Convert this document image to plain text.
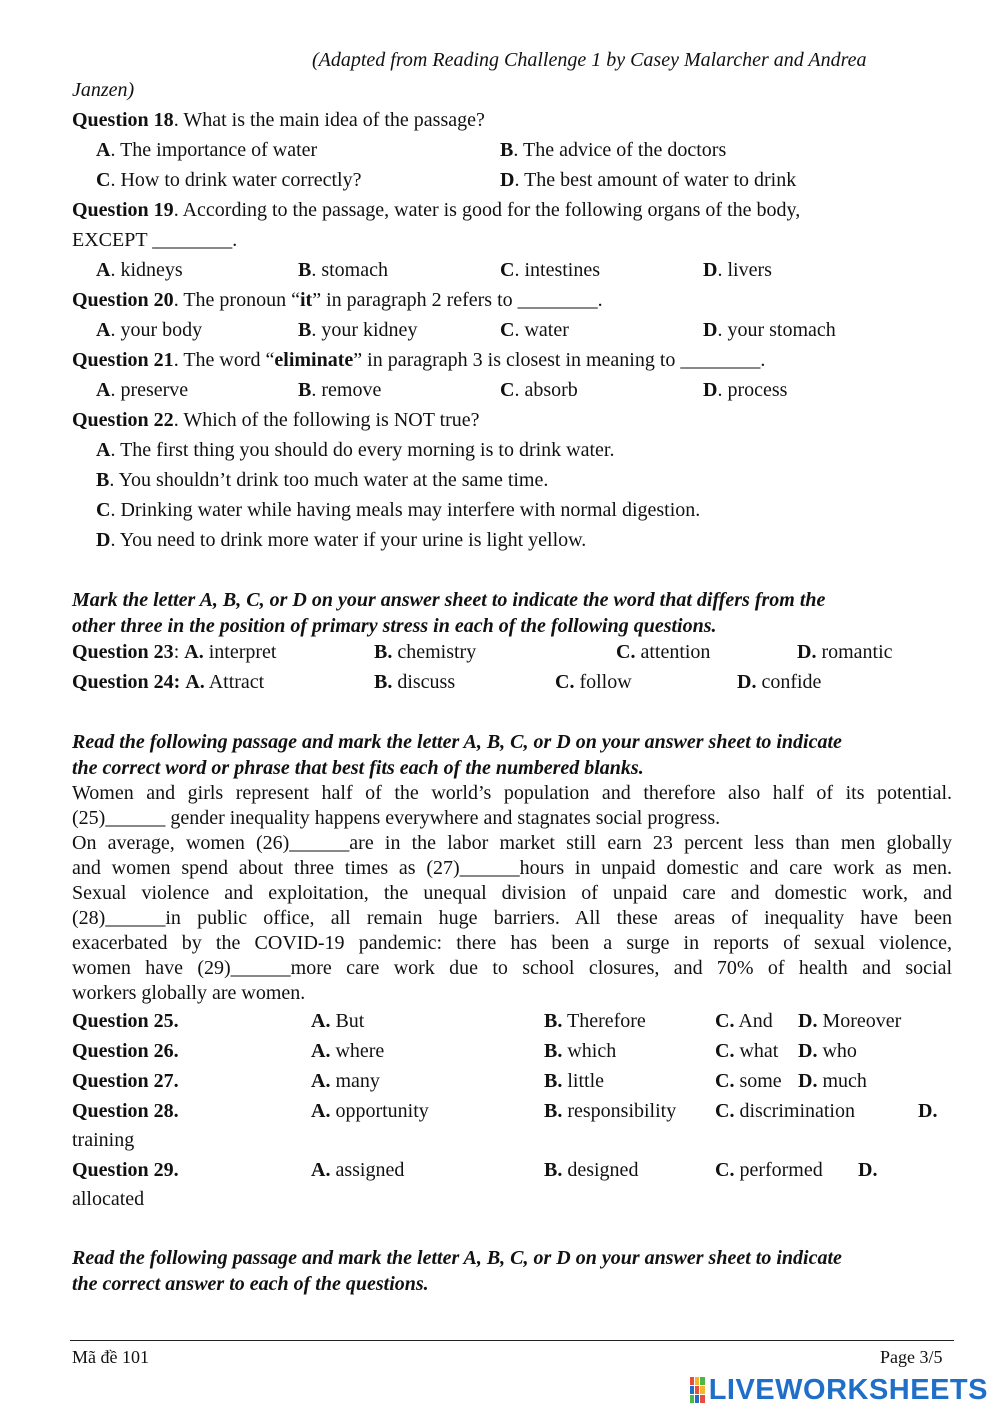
(Adapted from Reading Challenge 1 by Casey Malarcher and Andrea
Janzen)
Question 18. What is the main idea of the passage?
A. The importance of water	B. The advice of the doctors
C. How to drink water correctly?	D. The best amount of water to drink
Question 19. According to the passage, water is good for the following organs of the body,
EXCEPT ________.
A. kidneys	B. stomach	C. intestines	D. livers
Question 20. The pronoun “it” in paragraph 2 refers to ________.
A. your body	B. your kidney	C. water	D. your stomach
Question 21. The word “eliminate” in paragraph 3 is closest in meaning to ________.
A. preserve	B. remove	C. absorb	D. process
Question 22. Which of the following is NOT true?
A. The first thing you should do every morning is to drink water.
B. You shouldn’t drink too much water at the same time.
C. Drinking water while having meals may interfere with normal digestion.
D. You need to drink more water if your urine is light yellow.
Mark the letter A, B, C, or D on your answer sheet to indicate the word that differs from the
other three in the position of primary stress in each of the following questions.
Question 23: A. interpret	B. chemistry	C. attention	D. romantic
Question 24: A. Attract	B. discuss	C. follow	D. confide
Read the following passage and mark the letter A, B, C, or D on your answer sheet to indicate
the correct word or phrase that best fits each of the numbered blanks.
Women and girls represent half of the world’s population and therefore also half of its potential.
(25)______ gender inequality happens everywhere and stagnates social progress.
On average, women (26)______are in the labor market still earn 23 percent less than men globally
and women spend about three times as (27)______hours in unpaid domestic and care work as men.
Sexual violence and exploitation, the unequal division of unpaid care and domestic work, and
(28)______in public office, all remain huge barriers. All these areas of inequality have been
exacerbated by the COVID-19 pandemic: there has been a surge in reports of sexual violence,
women have (29)______more care work due to school closures, and 70% of health and social
workers globally are women.
Question 25.	A. But	B. Therefore	C. And D. Moreover
Question 26.	A. where	B. which	C. what D. who
Question 27.	A. many	B. little	C. some D. much
Question 28.	A. opportunity	B. responsibility C. discrimination	D.
training
Question 29.	A. assigned	B. designed	C. performed D.
allocated
Read the following passage and mark the letter A, B, C, or D on your answer sheet to indicate
the correct answer to each of the questions.
Mã đề 101	Page 3/5
LIVEWORKSHEETS
